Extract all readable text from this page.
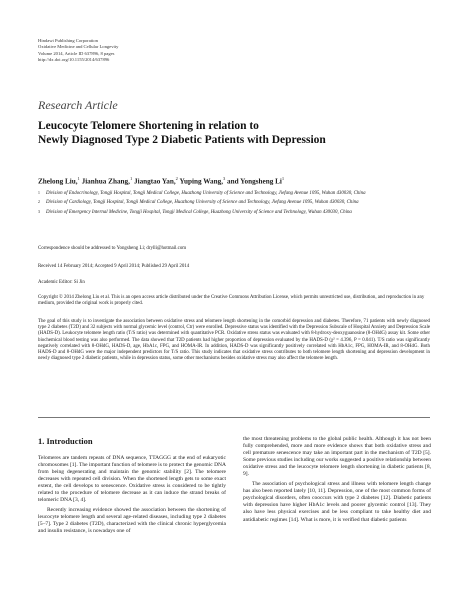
Hindawi Publishing Corporation
Oxidative Medicine and Cellular Longevity
Volume 2014, Article ID 637896, 8 pages
http://dx.doi.org/10.1155/2014/637896
Research Article
Leucocyte Telomere Shortening in relation to
Newly Diagnosed Type 2 Diabetic Patients with Depression
Zhelong Liu,$^1$ Jianhua Zhang,$^1$ Jiangtao Yan,$^2$ Yuping Wang,$^3$ and Yongsheng Li$^1$
1 Division of Endocrinology, Tongji Hospital, Tongji Medical College, Huazhong University of Science and Technology, Jiefang Avenue 1095, Wuhan 430030, China
2 Division of Cardiology, Tongji Hospital, Tongji Medical College, Huazhong University of Science and Technology, Jiefang Avenue 1095, Wuhan 430030, China
3 Division of Emergency Internal Medicine, Tongji Hospital, Tongji Medical College, Huazhong University of Science and Technology, Wuhan 430030, China
Correspondence should be addressed to Yongsheng Li; drylli@hotmail.com
Received 14 February 2014; Accepted 9 April 2014; Published 29 April 2014
Academic Editor: Si Jin
Copyright © 2014 Zhelong Liu et al. This is an open access article distributed under the Creative Commons Attribution License, which permits unrestricted use, distribution, and reproduction in any medium, provided the original work is properly cited.
The goal of this study is to investigate the association between oxidative stress and telomere length shortening in the comorbid depression and diabetes. Therefore, 71 patients with newly diagnosed type 2 diabetes (T2D) and 32 subjects with normal glycemic level (control, Ctr) were enrolled. Depressive status was identified with the Depression Subscale of Hospital Anxiety and Depression Scale (HADS-D). Leukocyte telomere length ratio (T/S ratio) was determined with quantitative PCR. Oxidative stress status was evaluated with 8-hydroxy-deoxyguanosine (8-OHdG) assay kit. Some other biochemical blood testing was also performed. The data showed that T2D patients had higher proportion of depression evaluated by the HADS-D (χ² = 4.396, P = 0.041). T/S ratio was significantly negatively correlated with 8-OHdG, HADS-D, age, HbA1c, FPG, and HOMA-IR. In addition, HADS-D was significantly positively correlated with HbA1c, FPG, HOMA-IR, and 8-OHdG. Both HADS-D and 8-OHdG were the major independent predictors for T/S ratio. This study indicates that oxidative stress contributes to both telomere length shortening and depression development in newly diagnosed type 2 diabetic patients, while in depression status, some other mechanisms besides oxidative stress may also affect the telomere length.
1. Introduction

Telomeres are tandem repeats of DNA sequence, TTAGGG at the end of eukaryotic chromosomes [1]. The important function of telomere is to protect the genomic DNA from being degenerating and maintain the genomic stability [2]. The telomere decreases with repeated cell division. When the shortened length gets to some exact extent, the cell develops to senescence. Oxidative stress is considered to be tightly related to the procedure of telomere decrease as it can induce the strand breaks of telomeric DNA [3, 4].

Recently increasing evidence showed the association between the shortening of leucocyte telomere length and several age-related diseases, including type 2 diabetes [5–7]. Type 2 diabetes (T2D), characterized with the clinical chronic hyperglycemia and insulin resistance, is nowadays one of

the most threatening problems to the global public health. Although it has not been fully comprehended, more and more evidence shows that both oxidative stress and cell premature senescence may take an important part in the mechanism of T2D [5]. Some previous studies including our works suggested a positive relationship between oxidative stress and the leucocyte telomere length shortening in diabetic patients [8, 9].

The association of psychological stress and illness with telomere length change has also been reported lately [10, 11]. Depression, one of the most common forms of psychological disorders, often cooccurs with type 2 diabetes [12]. Diabetic patients with depression have higher HbA1c levels and poorer glycemic control [13]. They also have less physical exercises and be less compliant to take healthy diet and antidiabetic regimes [14]. What is more, it is verified that diabetic patients
